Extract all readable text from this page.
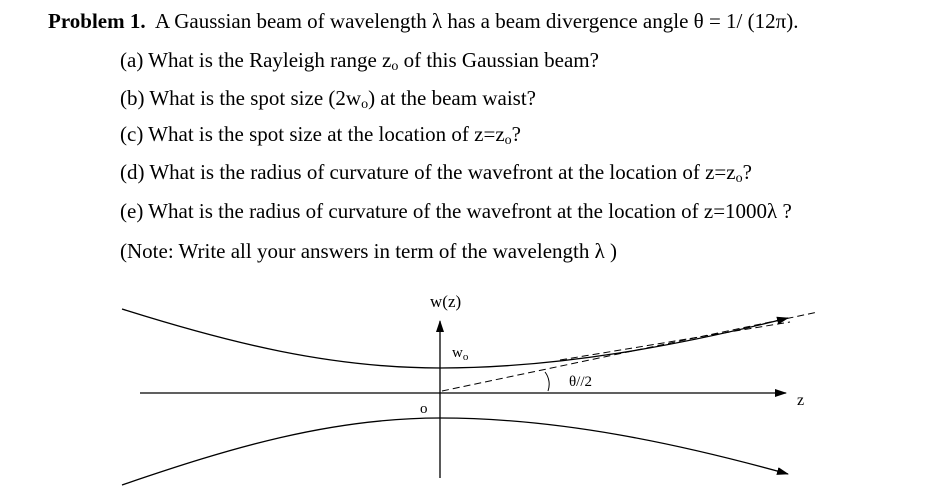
Problem 1. A Gaussian beam of wavelength λ has a beam divergence angle θ = 1/ (12π).
(a) What is the Rayleigh range $z_o$ of this Gaussian beam?
(b) What is the spot size $(2w_o)$ at the beam waist?
(c) What is the spot size at the location of $z=z_o$?
(d) What is the radius of curvature of the wavefront at the location of $z=z_o$?
(e) What is the radius of curvature of the wavefront at the location of z=1000λ ?
(Note: Write all your answers in term of the wavelength λ )
w(z)
$w_o$
θ//2
z
o
